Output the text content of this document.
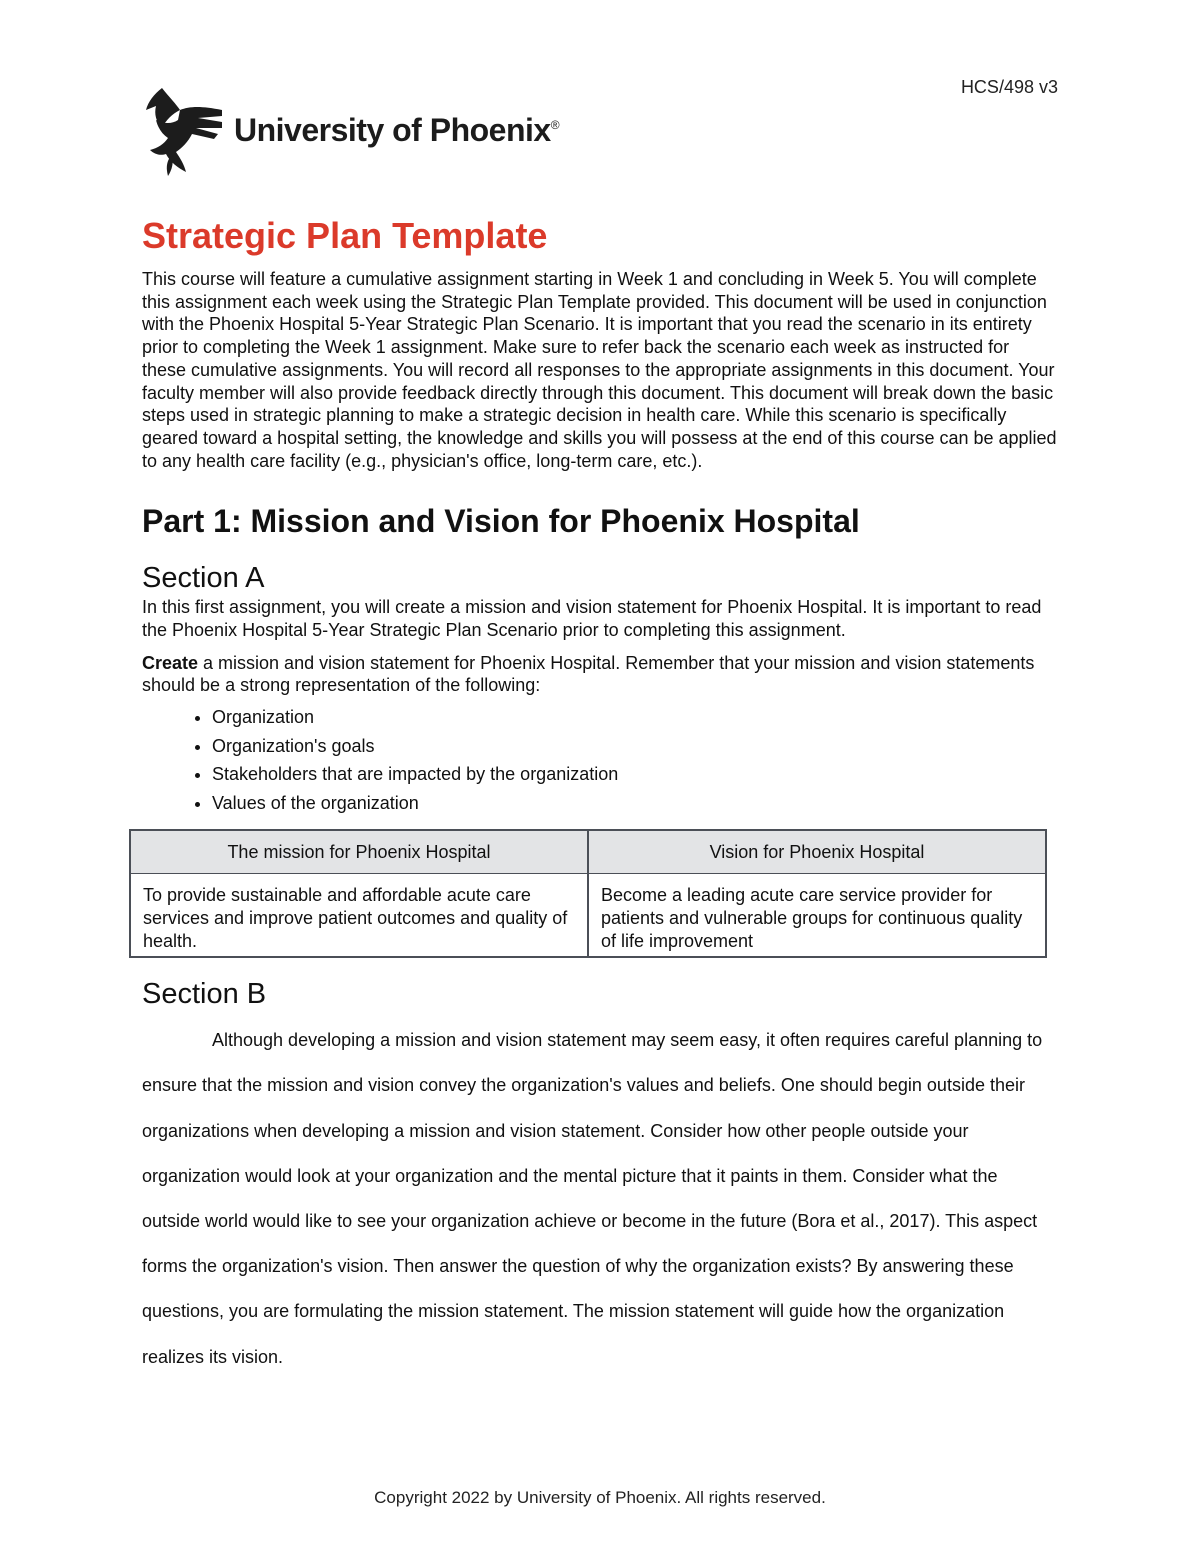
HCS/498 v3
University of Phoenix®
Strategic Plan Template

This course will feature a cumulative assignment starting in Week 1 and concluding in Week 5. You will complete this assignment each week using the Strategic Plan Template provided. This document will be used in conjunction with the Phoenix Hospital 5-Year Strategic Plan Scenario. It is important that you read the scenario in its entirety prior to completing the Week 1 assignment. Make sure to refer back the scenario each week as instructed for these cumulative assignments. You will record all responses to the appropriate assignments in this document. Your faculty member will also provide feedback directly through this document. This document will break down the basic steps used in strategic planning to make a strategic decision in health care. While this scenario is specifically geared toward a hospital setting, the knowledge and skills you will possess at the end of this course can be applied to any health care facility (e.g., physician's office, long-term care, etc.).

Part 1: Mission and Vision for Phoenix Hospital
Section A

In this first assignment, you will create a mission and vision statement for Phoenix Hospital. It is important to read the Phoenix Hospital 5-Year Strategic Plan Scenario prior to completing this assignment.

Create a mission and vision statement for Phoenix Hospital. Remember that your mission and vision statements should be a strong representation of the following:

• Organization
• Organization's goals
• Stakeholders that are impacted by the organization
• Values of the organization
The mission for Phoenix Hospital	Vision for Phoenix Hospital
To provide sustainable and affordable acute care services and improve patient outcomes and quality of health.	Become a leading acute care service provider for patients and vulnerable groups for continuous quality of life improvement
Section B

Although developing a mission and vision statement may seem easy, it often requires careful planning to ensure that the mission and vision convey the organization's values and beliefs. One should begin outside their organizations when developing a mission and vision statement. Consider how other people outside your organization would look at your organization and the mental picture that it paints in them. Consider what the outside world would like to see your organization achieve or become in the future (Bora et al., 2017). This aspect forms the organization's vision. Then answer the question of why the organization exists? By answering these questions, you are formulating the mission statement. The mission statement will guide how the organization realizes its vision.

Copyright 2022 by University of Phoenix. All rights reserved.
